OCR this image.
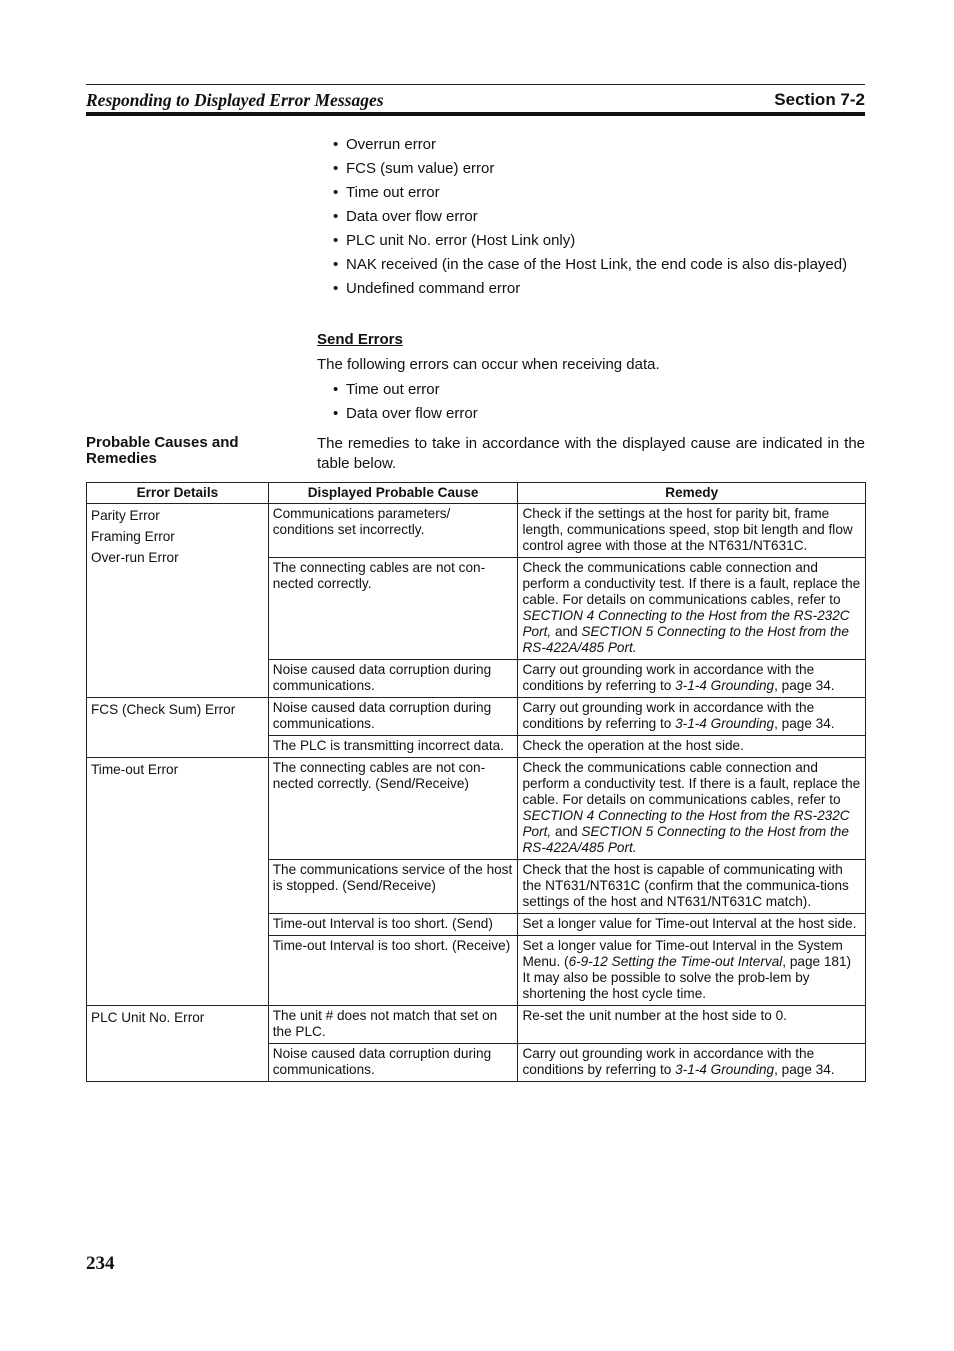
Responding to Displayed Error Messages	Section 7-2
• Overrun error
• FCS (sum value) error
• Time out error
• Data over flow error
• PLC unit No. error (Host Link only)
• NAK received (in the case of the Host Link, the end code is also dis-played)
• Undefined command error
Send Errors
The following errors can occur when receiving data.
• Time out error
• Data over flow error
Probable Causes and Remedies
The remedies to take in accordance with the displayed cause are indicated in the table below.
Error Details	Displayed Probable Cause	Remedy

Parity Error
Framing Error
Over-run Error	Communications parameters/ conditions set incorrectly.	Check if the settings at the host for parity bit, frame length, communications speed, stop bit length and flow control agree with those at the NT631/NT631C.
	The connecting cables are not con-nected correctly.	Check the communications cable connection and perform a conductivity test. If there is a fault, replace the cable. For details on communications cables, refer to SECTION 4 Connecting to the Host from the RS-232C Port, and SECTION 5 Connecting to the Host from the RS-422A/485 Port.
	Noise caused data corruption during communications.	Carry out grounding work in accordance with the conditions by referring to 3-1-4 Grounding, page 34.

FCS (Check Sum) Error	Noise caused data corruption during communications.	Carry out grounding work in accordance with the conditions by referring to 3-1-4 Grounding, page 34.
	The PLC is transmitting incorrect data.	Check the operation at the host side.

Time-out Error	The connecting cables are not con-nected correctly. (Send/Receive)	Check the communications cable connection and perform a conductivity test. If there is a fault, replace the cable. For details on communications cables, refer to SECTION 4 Connecting to the Host from the RS-232C Port, and SECTION 5 Connecting to the Host from the RS-422A/485 Port.
	The communications service of the host is stopped. (Send/Receive)	Check that the host is capable of communicating with the NT631/NT631C (confirm that the communica-tions settings of the host and NT631/NT631C match).
	Time-out Interval is too short. (Send)	Set a longer value for Time-out Interval at the host side.
	Time-out Interval is too short. (Receive)	Set a longer value for Time-out Interval in the System Menu. (6-9-12 Setting the Time-out Interval, page 181) It may also be possible to solve the prob-lem by shortening the host cycle time.

PLC Unit No. Error	The unit # does not match that set on the PLC.	Re-set the unit number at the host side to 0.
	Noise caused data corruption during communications.	Carry out grounding work in accordance with the conditions by referring to 3-1-4 Grounding, page 34.
234
